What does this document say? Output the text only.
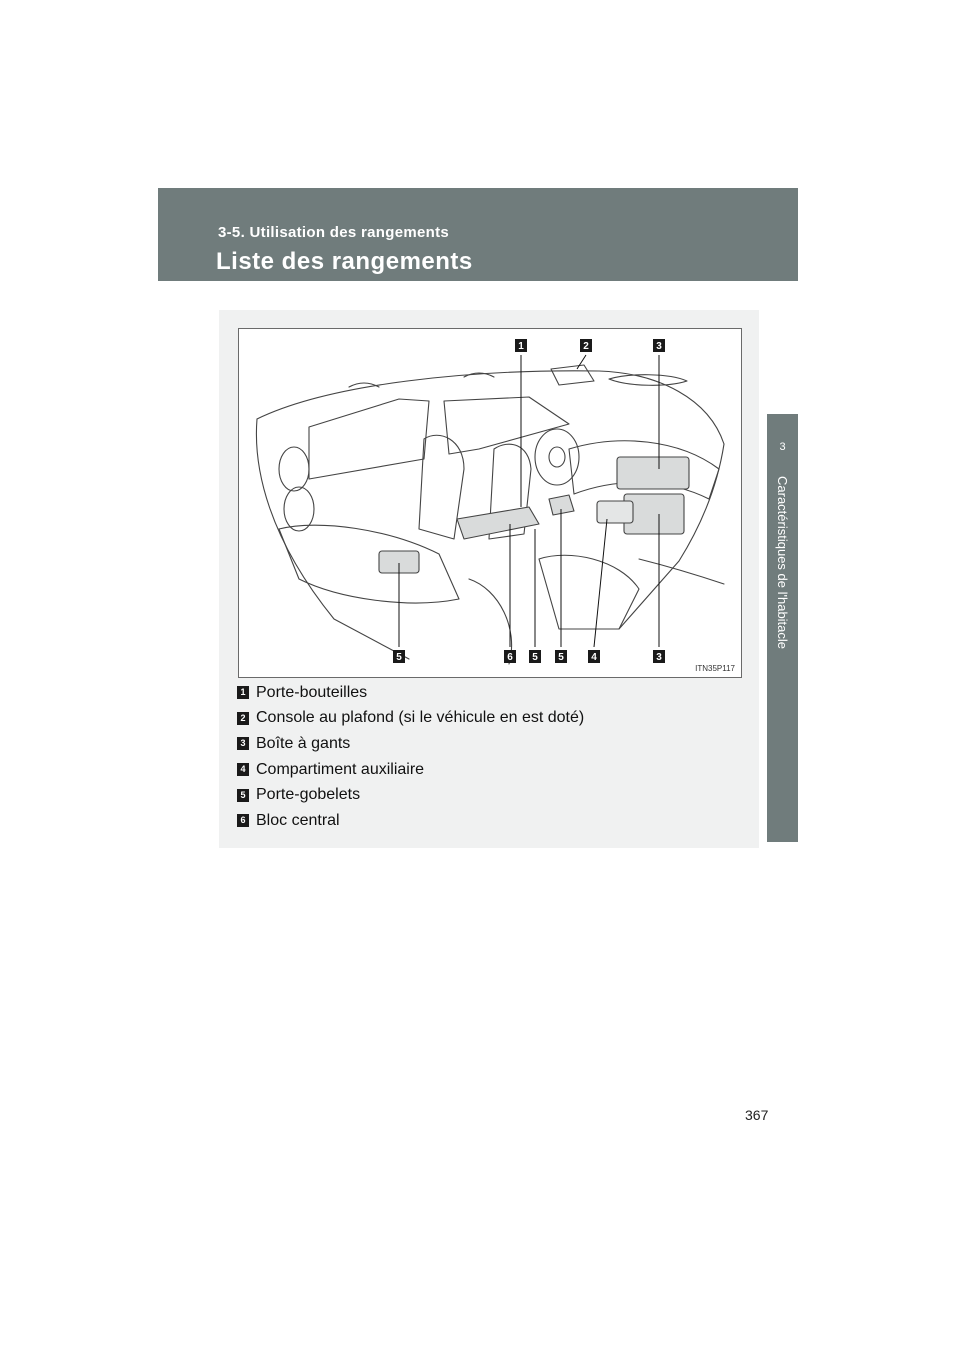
3-5. Utilisation des rangements
Liste des rangements
3
Caractéristiques de l'habitacle
1	2	3
5	6 5 5	4	3
ITN35P117
1 Porte-bouteilles
2 Console au plafond (si le véhicule en est doté)
3 Boîte à gants
4 Compartiment auxiliaire
5 Porte-gobelets
6 Bloc central
367
